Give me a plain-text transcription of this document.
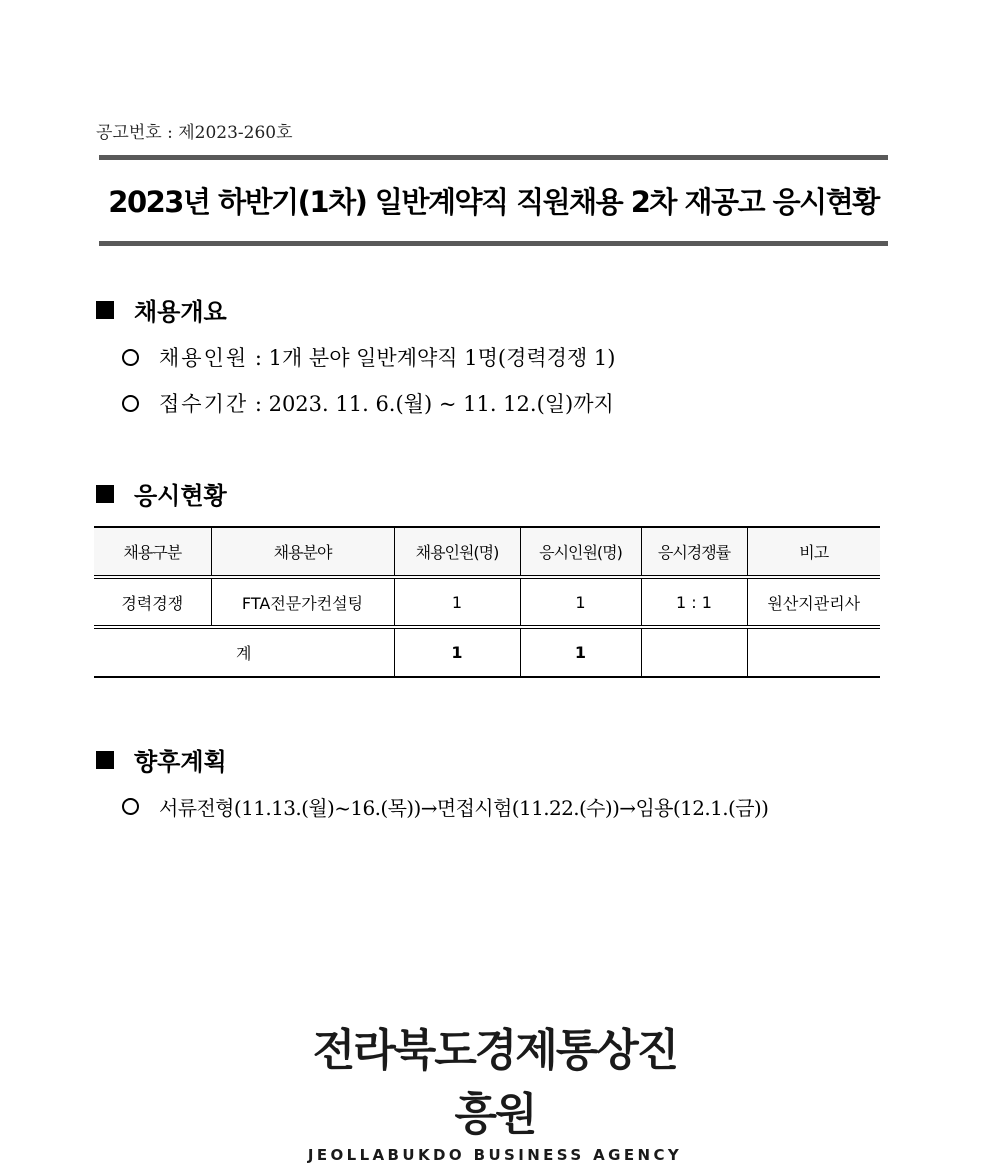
공고번호 : 제2023-260호
2023년 하반기(1차) 일반계약직 직원채용 2차 재공고 응시현황
채용개요
채용인원 : 1개 분야 일반계약직 1명(경력경쟁 1)
접수기간 : 2023. 11. 6.(월) ~ 11. 12.(일)까지
응시현황
채용구분	채용분야	채용인원(명)	응시인원(명)	응시경쟁률	비고
경력경쟁	FTA전문가컨설팅	1	1	1 : 1	원산지관리사
계		1	1		
향후계획
서류전형(11.13.(월)~16.(목))→면접시험(11.22.(수))→임용(12.1.(금))
전라북도경제통상진흥원
JEOLLABUKDO BUSINESS AGENCY
